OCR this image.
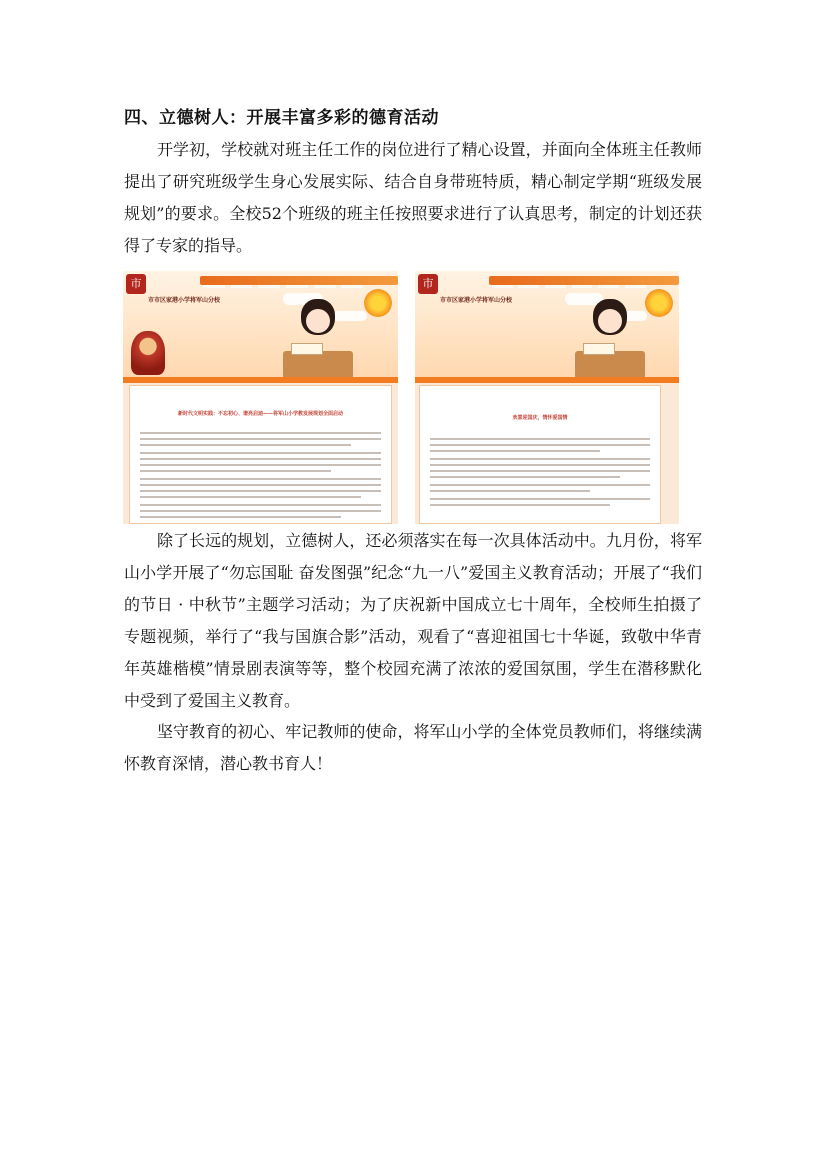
四、立德树人：开展丰富多彩的德育活动

开学初，学校就对班主任工作的岗位进行了精心设置，并面向全体班主任教师提出了研究班级学生身心发展实际、结合自身带班特质，精心制定学期“班级发展规划”的要求。全校52个班级的班主任按照要求进行了认真思考，制定的计划还获得了专家的指导。

市
市市区家港小学将军山分校
新时代文明实践：不忘初心、谱亮启迪——将军山小学教发展规划全面启动
市
市市区家港小学将军山分校
欢喜迎国庆，情怀爱国情

除了长远的规划，立德树人，还必须落实在每一次具体活动中。九月份，将军山小学开展了“勿忘国耻 奋发图强”纪念“九一八”爱国主义教育活动；开展了“我们的节日 · 中秋节”主题学习活动；为了庆祝新中国成立七十周年，全校师生拍摄了专题视频，举行了“我与国旗合影”活动，观看了“喜迎祖国七十华诞，致敬中华青年英雄楷模”情景剧表演等等，整个校园充满了浓浓的爱国氛围，学生在潜移默化中受到了爱国主义教育。

坚守教育的初心、牢记教师的使命，将军山小学的全体党员教师们，将继续满怀教育深情，潜心教书育人！
